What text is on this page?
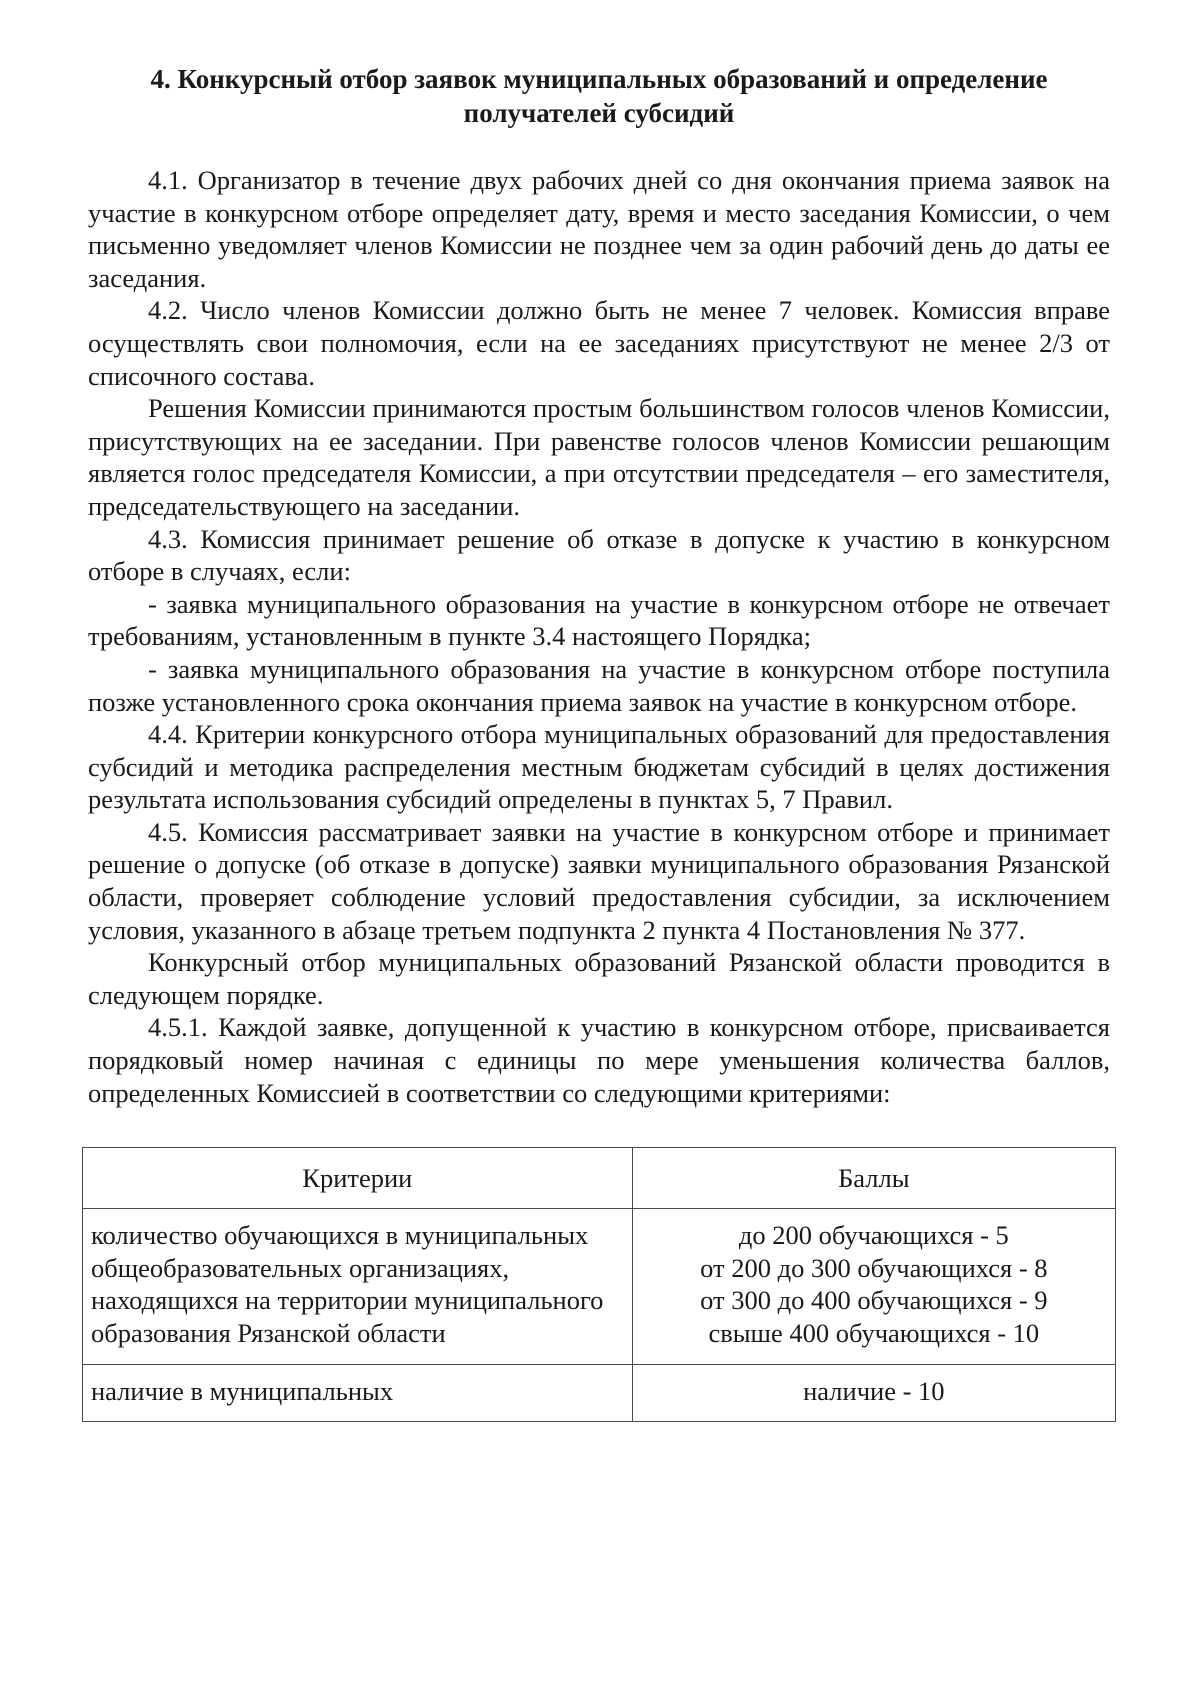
4. Конкурсный отбор заявок муниципальных образований и определение получателей субсидий

4.1. Организатор в течение двух рабочих дней со дня окончания приема заявок на участие в конкурсном отборе определяет дату, время и место заседания Комиссии, о чем письменно уведомляет членов Комиссии не позднее чем за один рабочий день до даты ее заседания.

4.2. Число членов Комиссии должно быть не менее 7 человек. Комиссия вправе осуществлять свои полномочия, если на ее заседаниях присутствуют не менее 2/3 от списочного состава.

Решения Комиссии принимаются простым большинством голосов членов Комиссии, присутствующих на ее заседании. При равенстве голосов членов Комиссии решающим является голос председателя Комиссии, а при отсутствии председателя – его заместителя, председательствующего на заседании.

4.3. Комиссия принимает решение об отказе в допуске к участию в конкурсном отборе в случаях, если:

- заявка муниципального образования на участие в конкурсном отборе не отвечает требованиям, установленным в пункте 3.4 настоящего Порядка;

- заявка муниципального образования на участие в конкурсном отборе поступила позже установленного срока окончания приема заявок на участие в конкурсном отборе.

4.4. Критерии конкурсного отбора муниципальных образований для предоставления субсидий и методика распределения местным бюджетам субсидий в целях достижения результата использования субсидий определены в пунктах 5, 7 Правил.

4.5. Комиссия рассматривает заявки на участие в конкурсном отборе и принимает решение о допуске (об отказе в допуске) заявки муниципального образования Рязанской области, проверяет соблюдение условий предоставления субсидии, за исключением условия, указанного в абзаце третьем подпункта 2 пункта 4 Постановления № 377.

Конкурсный отбор муниципальных образований Рязанской области проводится в следующем порядке.

4.5.1. Каждой заявке, допущенной к участию в конкурсном отборе, присваивается порядковый номер начиная с единицы по мере уменьшения количества баллов, определенных Комиссией в соответствии со следующими критериями:

Критерии	Баллы
количество обучающихся в муниципальных общеобразовательных организациях, находящихся на территории муниципального образования Рязанской области	до 200 обучающихся - 5
от 200 до 300 обучающихся - 8
от 300 до 400 обучающихся - 9
свыше 400 обучающихся - 10

наличие в муниципальных	наличие - 10
